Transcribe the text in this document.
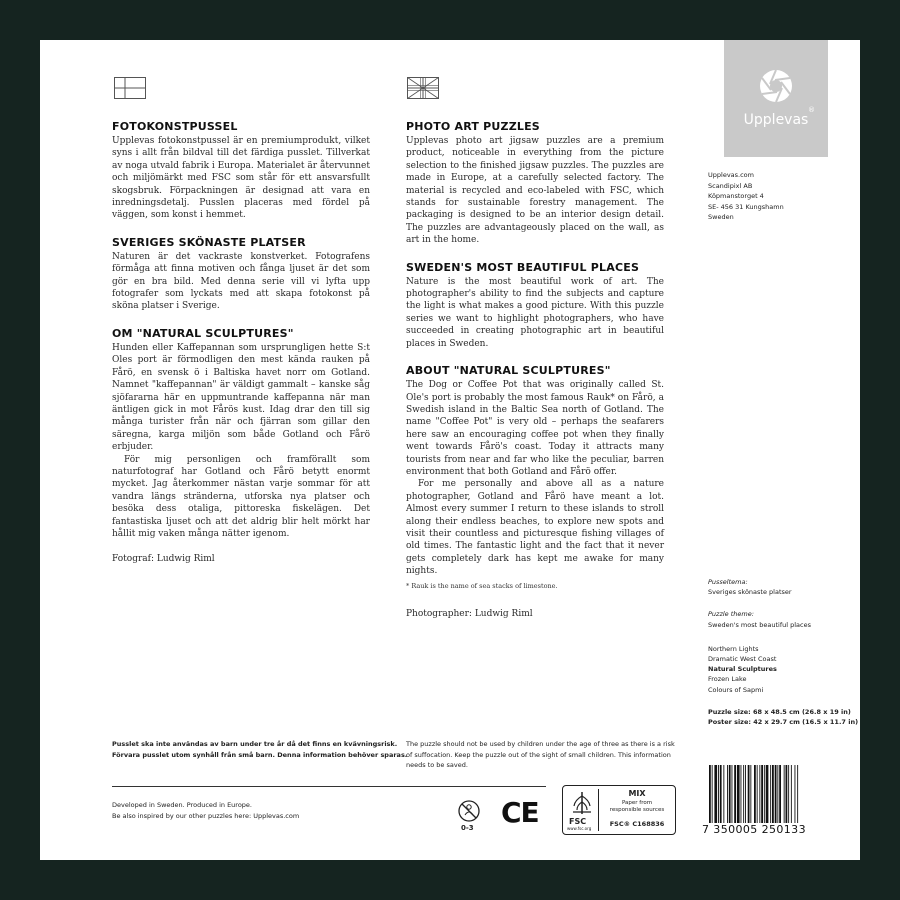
FOTOKONSTPUSSEL

Upplevas fotokonstpussel är en premiumprodukt, vilket syns i allt från bildval till det färdiga pusslet. Tillverkat av noga utvald fabrik i Europa. Materialet är återvunnet och miljömärkt med FSC som står för ett ansvarsfullt skogsbruk. Förpackningen är designad att vara en inredningsdetalj. Pusslen placeras med fördel på väggen, som konst i hemmet.

SVERIGES SKÖNASTE PLATSER

Naturen är det vackraste konstverket. Fotografens förmåga att finna motiven och fånga ljuset är det som gör en bra bild. Med denna serie vill vi lyfta upp fotografer som lyckats med att skapa fotokonst på sköna platser i Sverige.

OM "NATURAL SCULPTURES"

Hunden eller Kaffepannan som ursprungligen hette S:t Oles port är förmodligen den mest kända rauken på Fårö, en svensk ö i Baltiska havet norr om Gotland. Namnet "kaffepannan" är väldigt gammalt – kanske såg sjöfararna här en uppmuntrande kaffepanna när man äntligen gick in mot Fårös kust. Idag drar den till sig många turister från när och fjärran som gillar den säregna, karga miljön som både Gotland och Fårö erbjuder.

För mig personligen och framförallt som naturfotograf har Gotland och Fårö betytt enormt mycket. Jag återkommer nästan varje sommar för att vandra längs stränderna, utforska nya platser och besöka dess otaliga, pittoreska fiskelägen. Det fantastiska ljuset och att det aldrig blir helt mörkt har hållit mig vaken många nätter igenom.

Fotograf: Ludwig Riml
PHOTO ART PUZZLES

Upplevas photo art jigsaw puzzles are a premium product, noticeable in everything from the picture selection to the finished jigsaw puzzles. The puzzles are made in Europe, at a carefully selected factory. The material is recycled and eco-labeled with FSC, which stands for sustainable forestry management. The packaging is designed to be an interior design detail. The puzzles are advantageously placed on the wall, as art in the home.

SWEDEN'S MOST BEAUTIFUL PLACES

Nature is the most beautiful work of art. The photographer's ability to find the subjects and capture the light is what makes a good picture. With this puzzle series we want to highlight photographers, who have succeeded in creating photographic art in beautiful places in Sweden.

ABOUT "NATURAL SCULPTURES"

The Dog or Coffee Pot that was originally called St. Ole's port is probably the most famous Rauk* on Fårö, a Swedish island in the Baltic Sea north of Gotland. The name "Coffee Pot" is very old – perhaps the seafarers here saw an encouraging coffee pot when they finally went towards Fårö's coast. Today it attracts many tourists from near and far who like the peculiar, barren environment that both Gotland and Fårö offer.

For me personally and above all as a nature photographer, Gotland and Fårö have meant a lot. Almost every summer I return to these islands to stroll along their endless beaches, to explore new spots and visit their countless and picturesque fishing villages of old times. The fantastic light and the fact that it never gets completely dark has kept me awake for many nights.

* Rauk is the name of sea stacks of limestone.
Photographer: Ludwig Riml
®
Upplevas
Upplevas.com
Scandipixl AB
Köpmanstorget 4
SE- 456 31 Kungshamn
Sweden
Pusseltema:
Sveriges skönaste platser
Puzzle theme:
Sweden's most beautiful places
Northern Lights
Dramatic West Coast
Natural Sculptures
Frozen Lake
Colours of Sapmi
Puzzle size: 68 x 48.5 cm (26.8 x 19 in)
Poster size: 42 x 29.7 cm (16.5 x 11.7 in)
Pusslet ska inte användas av barn under tre år då det finns en kvävningsrisk.
Förvara pusslet utom synhåll från små barn. Denna information behöver sparas.
The puzzle should not be used by children under the age of three as there is a risk
of suffocation. Keep the puzzle out of the sight of small children. This information
needs to be saved.
Developed in Sweden. Produced in Europe.
Be also inspired by our other puzzles here: Upplevas.com
0-3 CE	FSC
www.fsc.org
MIX
Paper from
responsible sources
FSC® C168836	7 350005 250133
